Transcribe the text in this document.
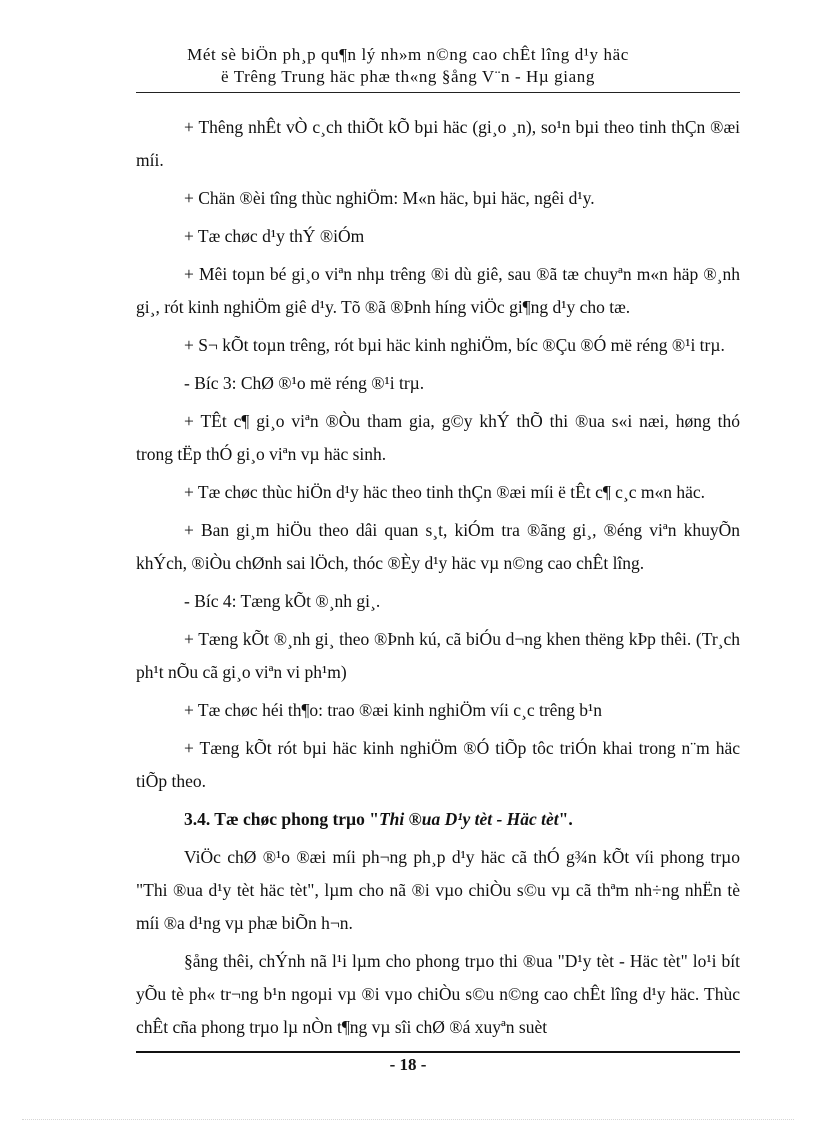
Mét sè biÖn ph¸p qu¶n lý nh»m n©ng cao chÊt lîng d¹y häc
ë Trêng Trung häc phæ th«ng §ång V¨n - Hµ giang

+ Thêng nhÊt vÒ c¸ch thiÕt kÕ bµi häc (gi¸o ¸n), so¹n bµi theo tinh thÇn ®æi míi.

+ Chän ®èi tîng thùc nghiÖm: M«n häc, bµi häc, ngêi d¹y.

+ Tæ chøc d¹y thÝ ®iÓm

+ Mêi toµn bé gi¸o viªn nhµ trêng ®i dù giê, sau ®ã tæ chuyªn m«n häp ®¸nh gi¸, rót kinh nghiÖm giê d¹y. Tõ ®ã ®Þnh híng viÖc gi¶ng d¹y cho tæ.

+ S¬ kÕt toµn trêng, rót bµi häc kinh nghiÖm, bíc ®Çu ®Ó më réng ®¹i trµ.

- Bíc 3: ChØ ®¹o më réng ®¹i trµ.

+ TÊt c¶ gi¸o viªn ®Òu tham gia, g©y khÝ thÕ thi ®ua s«i næi, høng thó trong tËp thÓ gi¸o viªn vµ häc sinh.

+ Tæ chøc thùc hiÖn d¹y häc theo tinh thÇn ®æi míi ë tÊt c¶ c¸c m«n häc.

+ Ban gi¸m hiÖu theo dâi quan s¸t, kiÓm tra ®ãng gi¸, ®éng viªn khuyÕn khÝch, ®iÒu chØnh sai lÖch, thóc ®Èy d¹y häc vµ n©ng cao chÊt lîng.

- Bíc 4: Tæng kÕt ®¸nh gi¸.

+ Tæng kÕt ®¸nh gi¸ theo ®Þnh kú, cã biÓu d¬ng khen thëng kÞp thêi. (Tr¸ch ph¹t nÕu cã gi¸o viªn vi ph¹m)

+ Tæ chøc héi th¶o: trao ®æi kinh nghiÖm víi c¸c trêng b¹n

+ Tæng kÕt rót bµi häc kinh nghiÖm ®Ó tiÕp tôc triÓn khai trong n¨m häc tiÕp theo.

3.4. Tæ chøc phong trµo "Thi ®ua D¹y tèt - Häc tèt".

ViÖc chØ ®¹o ®æi míi ph¬ng ph¸p d¹y häc cã thÓ g¾n kÕt víi phong trµo "Thi ®ua d¹y tèt häc tèt", lµm cho nã ®i vµo chiÒu s©u vµ cã thªm nh÷ng nhËn tè míi ®a d¹ng vµ phæ biÕn h¬n.

§ång thêi, chÝnh nã l¹i lµm cho phong trµo thi ®ua "D¹y tèt - Häc tèt" lo¹i bít yÕu tè ph« tr¬ng b¹n ngoµi vµ ®i vµo chiÒu s©u n©ng cao chÊt lîng d¹y häc. Thùc chÊt cña phong trµo lµ nÒn t¶ng vµ sîi chØ ®á xuyªn suèt

- 18 -
